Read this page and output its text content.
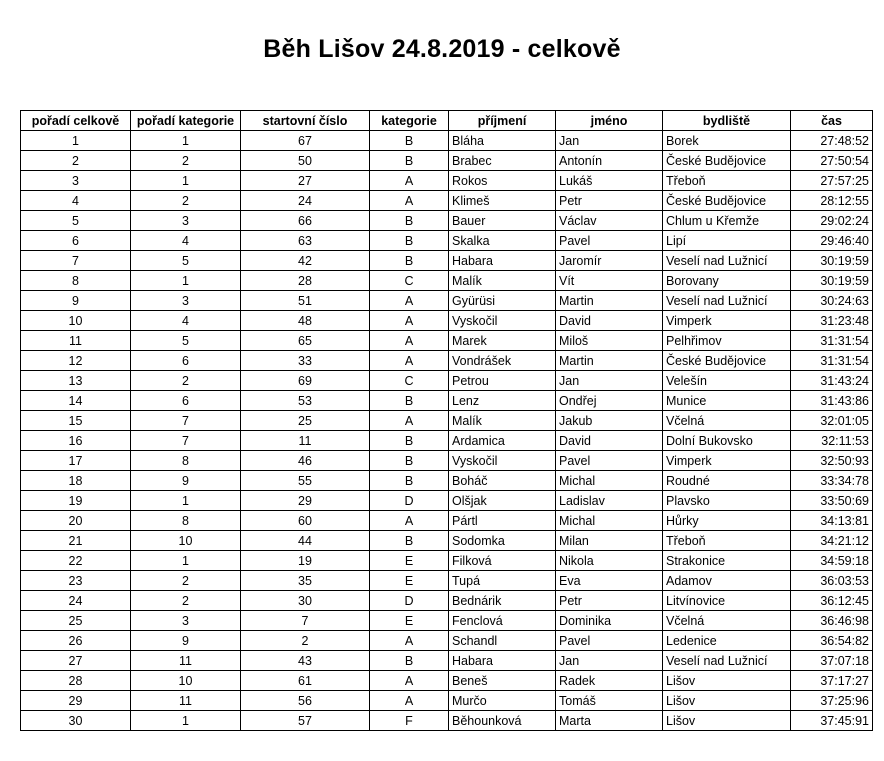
Běh Lišov 24.8.2019 - celkově
pořadí celkově	pořadí kategorie	startovní číslo	kategorie	příjmení	jméno	bydliště	čas
1	1	67	B	Bláha	Jan	Borek	27:48:52
2	2	50	B	Brabec	Antonín	České Budějovice	27:50:54
3	1	27	A	Rokos	Lukáš	Třeboň	27:57:25
4	2	24	A	Klimeš	Petr	České Budějovice	28:12:55
5	3	66	B	Bauer	Václav	Chlum u Křemže	29:02:24
6	4	63	B	Skalka	Pavel	Lipí	29:46:40
7	5	42	B	Habara	Jaromír	Veselí nad Lužnicí	30:19:59
8	1	28	C	Malík	Vít	Borovany	30:19:59
9	3	51	A	Gyürüsi	Martin	Veselí nad Lužnicí	30:24:63
10	4	48	A	Vyskočil	David	Vimperk	31:23:48
11	5	65	A	Marek	Miloš	Pelhřimov	31:31:54
12	6	33	A	Vondrášek	Martin	České Budějovice	31:31:54
13	2	69	C	Petrou	Jan	Velešín	31:43:24
14	6	53	B	Lenz	Ondřej	Munice	31:43:86
15	7	25	A	Malík	Jakub	Včelná	32:01:05
16	7	11	B	Ardamica	David	Dolní Bukovsko	32:11:53
17	8	46	B	Vyskočil	Pavel	Vimperk	32:50:93
18	9	55	B	Boháč	Michal	Roudné	33:34:78
19	1	29	D	Olšjak	Ladislav	Plavsko	33:50:69
20	8	60	A	Pártl	Michal	Hůrky	34:13:81
21	10	44	B	Sodomka	Milan	Třeboň	34:21:12
22	1	19	E	Filková	Nikola	Strakonice	34:59:18
23	2	35	E	Tupá	Eva	Adamov	36:03:53
24	2	30	D	Bednárik	Petr	Litvínovice	36:12:45
25	3	7	E	Fenclová	Dominika	Včelná	36:46:98
26	9	2	A	Schandl	Pavel	Ledenice	36:54:82
27	11	43	B	Habara	Jan	Veselí nad Lužnicí	37:07:18
28	10	61	A	Beneš	Radek	Lišov	37:17:27
29	11	56	A	Murčo	Tomáš	Lišov	37:25:96
30	1	57	F	Běhounková	Marta	Lišov	37:45:91
